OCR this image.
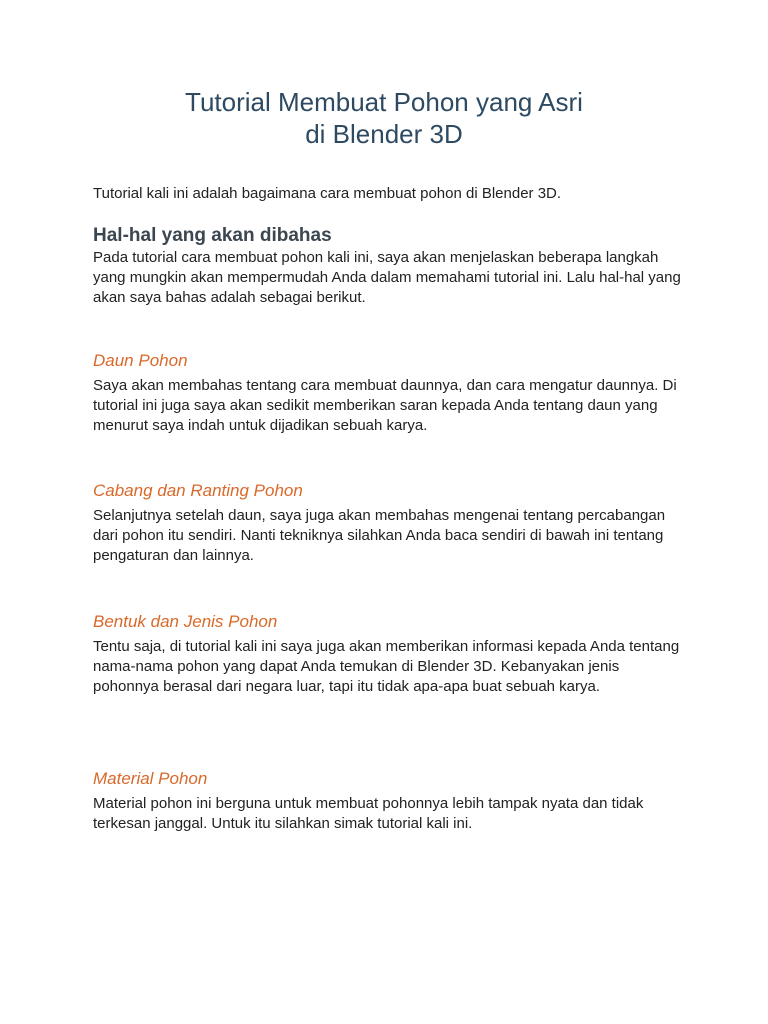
Tutorial Membuat Pohon yang Asri
di Blender 3D

Tutorial kali ini adalah bagaimana cara membuat pohon di Blender 3D.

Hal-hal yang akan dibahas

Pada tutorial cara membuat pohon kali ini, saya akan menjelaskan beberapa langkah yang mungkin akan mempermudah Anda dalam memahami tutorial ini. Lalu hal-hal yang akan saya bahas adalah sebagai berikut.

Daun Pohon

Saya akan membahas tentang cara membuat daunnya, dan cara mengatur daunnya. Di tutorial ini juga saya akan sedikit memberikan saran kepada Anda tentang daun yang menurut saya indah untuk dijadikan sebuah karya.

Cabang dan Ranting Pohon

Selanjutnya setelah daun, saya juga akan membahas mengenai tentang percabangan dari pohon itu sendiri. Nanti tekniknya silahkan Anda baca sendiri di bawah ini tentang pengaturan dan lainnya.

Bentuk dan Jenis Pohon

Tentu saja, di tutorial kali ini saya juga akan memberikan informasi kepada Anda tentang nama-nama pohon yang dapat Anda temukan di Blender 3D. Kebanyakan jenis pohonnya berasal dari negara luar, tapi itu tidak apa-apa buat sebuah karya.

Material Pohon

Material pohon ini berguna untuk membuat pohonnya lebih tampak nyata dan tidak terkesan janggal. Untuk itu silahkan simak tutorial kali ini.
